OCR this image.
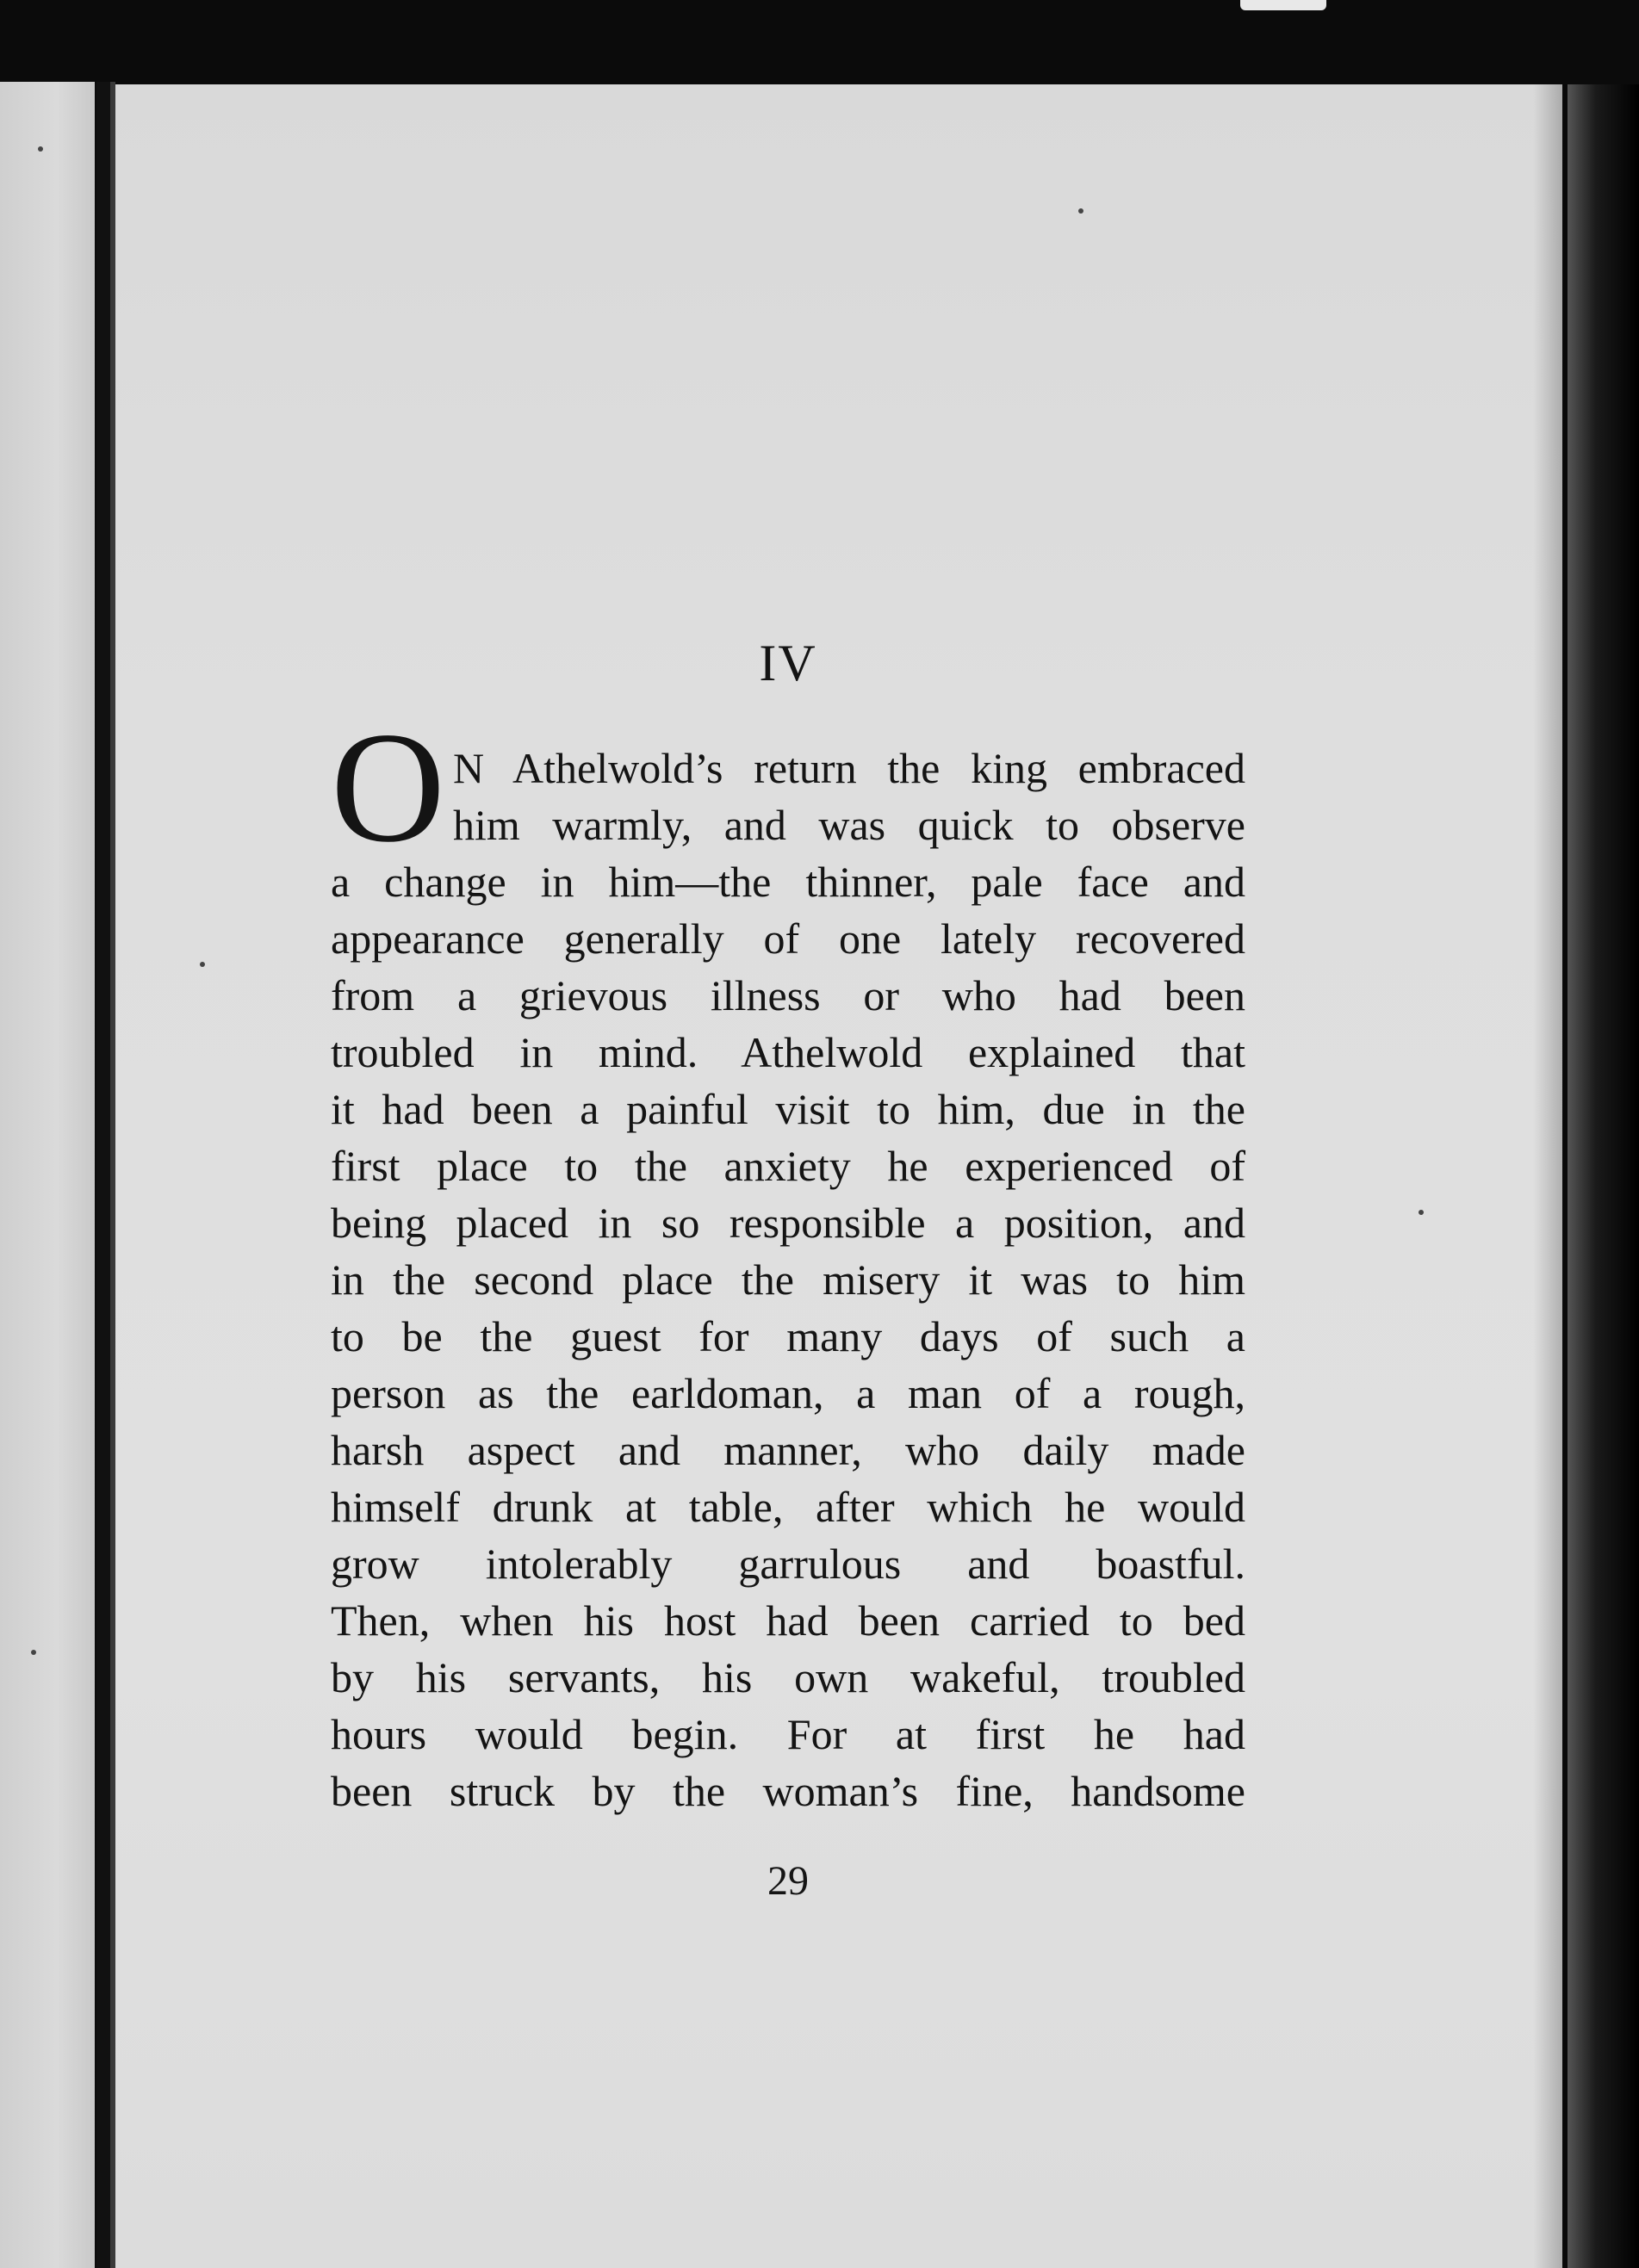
IV
O N Athelwold’s return the king embraced
him warmly, and was quick to observe
a change in him—the thinner, pale face and
appearance generally of one lately recovered
from a grievous illness or who had been
troubled in mind. Athelwold explained that
it had been a painful visit to him, due in the
first place to the anxiety he experienced of
being placed in so responsible a position, and
in the second place the misery it was to him
to be the guest for many days of such a
person as the earldoman, a man of a rough,
harsh aspect and manner, who daily made
himself drunk at table, after which he would
grow intolerably garrulous and boastful.
Then, when his host had been carried to bed
by his servants, his own wakeful, troubled
hours would begin. For at first he had
been struck by the woman’s fine, handsome
29
